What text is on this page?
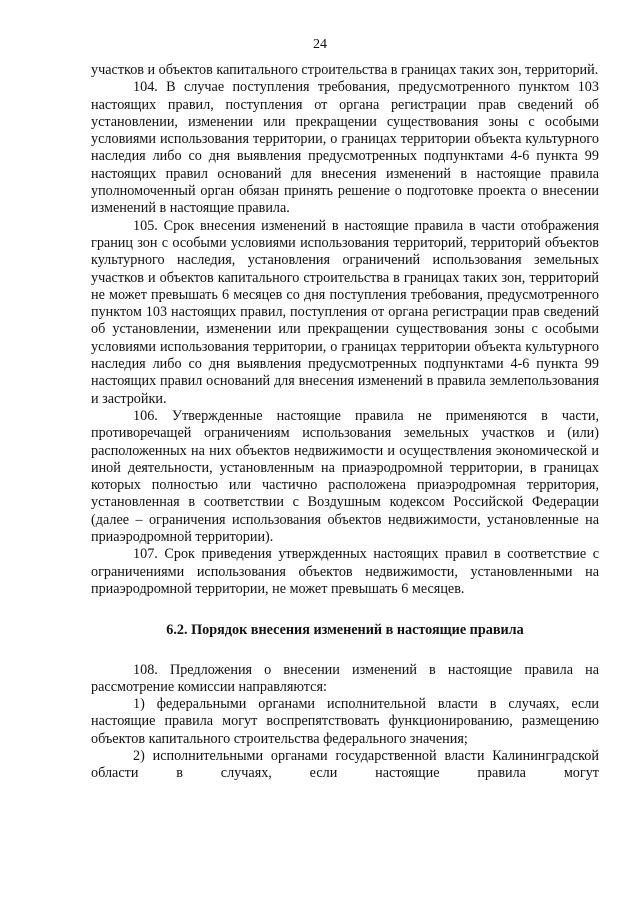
24

участков и объектов капитального строительства в границах таких зон, территорий.

104. В случае поступления требования, предусмотренного пунктом 103 настоящих правил, поступления от органа регистрации прав сведений об установлении, изменении или прекращении существования зоны с особыми условиями использования территории, о границах территории объекта культурного наследия либо со дня выявления предусмотренных подпунктами 4-6 пункта 99 настоящих правил оснований для внесения изменений в настоящие правила уполномоченный орган обязан принять решение о подготовке проекта о внесении изменений в настоящие правила.

105. Срок внесения изменений в настоящие правила в части отображения границ зон с особыми условиями использования территорий, территорий объектов культурного наследия, установления ограничений использования земельных участков и объектов капитального строительства в границах таких зон, территорий не может превышать 6 месяцев со дня поступления требования, предусмотренного пунктом 103 настоящих правил, поступления от органа регистрации прав сведений об установлении, изменении или прекращении существования зоны с особыми условиями использования территории, о границах территории объекта культурного наследия либо со дня выявления предусмотренных подпунктами 4-6 пункта 99 настоящих правил оснований для внесения изменений в правила землепользования и застройки.

106. Утвержденные настоящие правила не применяются в части, противоречащей ограничениям использования земельных участков и (или) расположенных на них объектов недвижимости и осуществления экономической и иной деятельности, установленным на приаэродромной территории, в границах которых полностью или частично расположена приаэродромная территория, установленная в соответствии с Воздушным кодексом Российской Федерации (далее – ограничения использования объектов недвижимости, установленные на приаэродромной территории).

107. Срок приведения утвержденных настоящих правил в соответствие с ограничениями использования объектов недвижимости, установленными на приаэродромной территории, не может превышать 6 месяцев.

6.2. Порядок внесения изменений в настоящие правила

108. Предложения о внесении изменений в настоящие правила на рассмотрение комиссии направляются:

1) федеральными органами исполнительной власти в случаях, если настоящие правила могут воспрепятствовать функционированию, размещению объектов капитального строительства федерального значения;

2) исполнительными органами государственной власти Калининградской области в случаях, если настоящие правила могут
